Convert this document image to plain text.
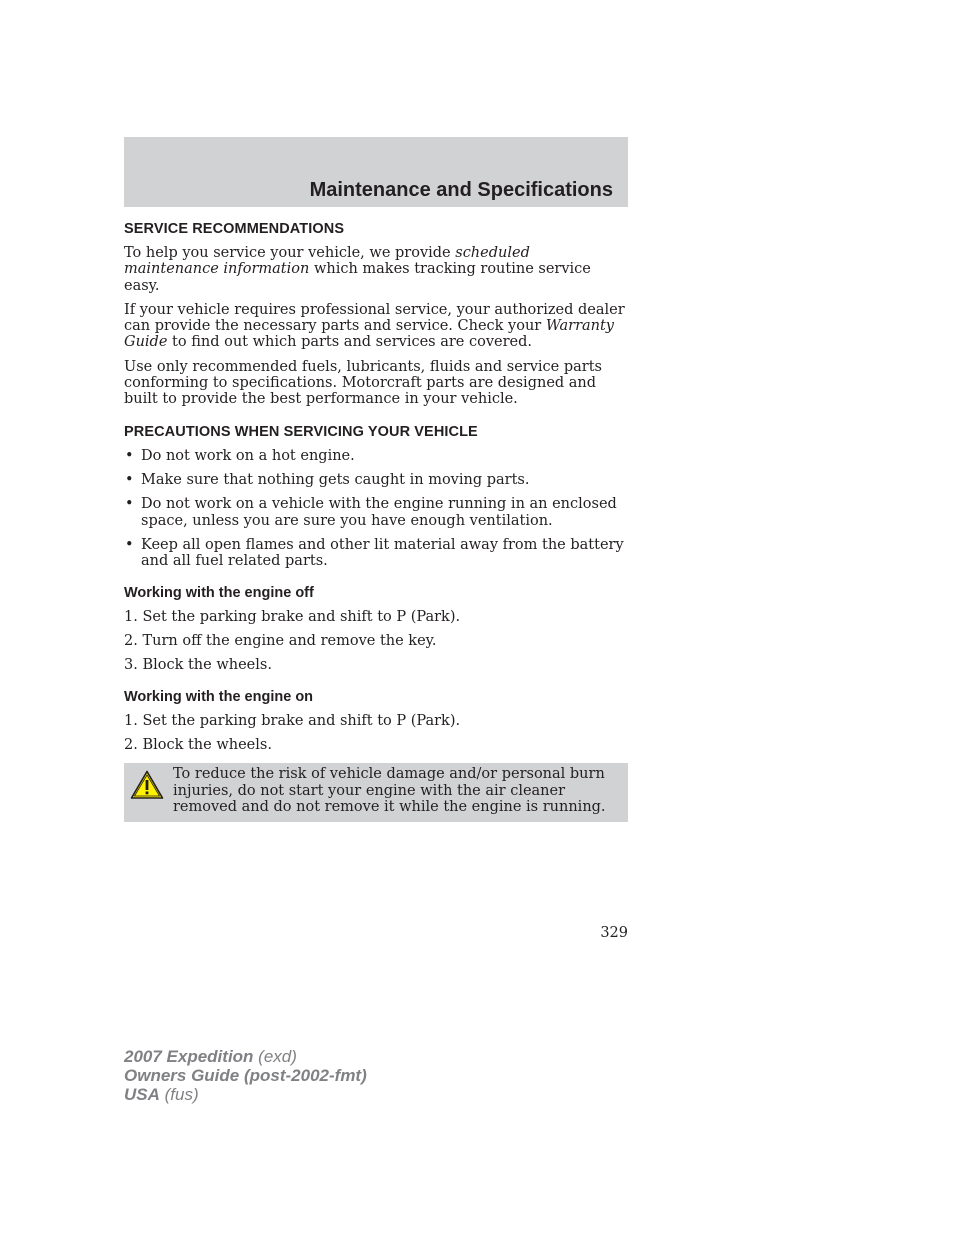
Maintenance and Specifications
SERVICE RECOMMENDATIONS

To help you service your vehicle, we provide scheduled maintenance information which makes tracking routine service easy.

If your vehicle requires professional service, your authorized dealer can provide the necessary parts and service. Check your Warranty Guide to find out which parts and services are covered.

Use only recommended fuels, lubricants, fluids and service parts conforming to specifications. Motorcraft parts are designed and built to provide the best performance in your vehicle.

PRECAUTIONS WHEN SERVICING YOUR VEHICLE
• Do not work on a hot engine.
• Make sure that nothing gets caught in moving parts.
• Do not work on a vehicle with the engine running in an enclosed space, unless you are sure you have enough ventilation.
• Keep all open flames and other lit material away from the battery and all fuel related parts.
Working with the engine off
1. Set the parking brake and shift to P (Park).
2. Turn off the engine and remove the key.
3. Block the wheels.
Working with the engine on
1. Set the parking brake and shift to P (Park).
2. Block the wheels.
To reduce the risk of vehicle damage and/or personal burn injuries, do not start your engine with the air cleaner removed and do not remove it while the engine is running.
329
2007 Expedition (exd)
Owners Guide (post-2002-fmt)
USA (fus)
